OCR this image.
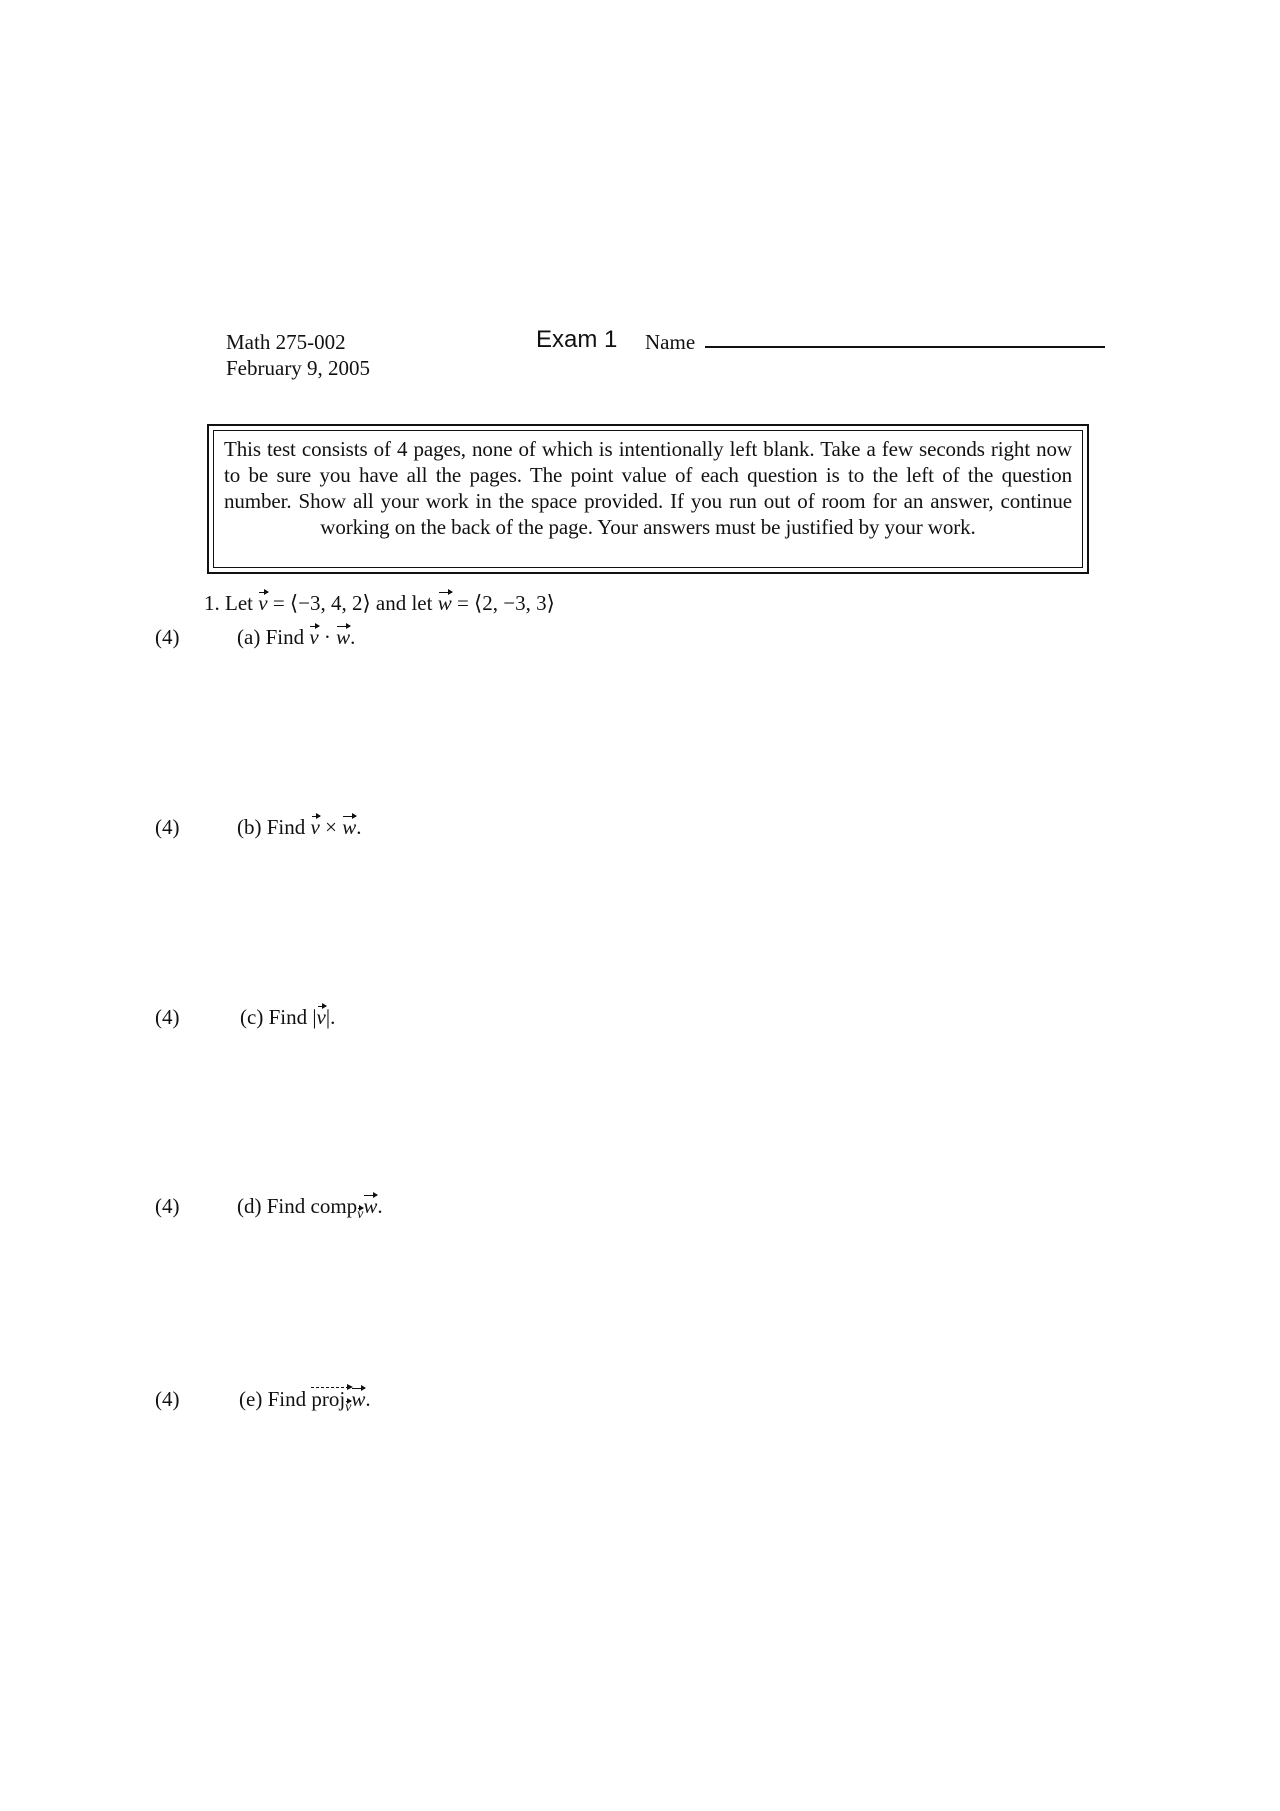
Math 275-002
February 9, 2005
Exam 1 Name

This test consists of 4 pages, none of which is intentionally left blank. Take a few seconds right now to be sure you have all the pages. The point value of each question is to the left of the question number. Show all your work in the space provided. If you run out of room for an answer, continue working on the back of the page. Your answers must be justified by your work.

1. Let v = ⟨−3, 4, 2⟩ and let w = ⟨2, −3, 3⟩
(4)	(a) Find v · w.
(4)	(b) Find v × w.
(4)	(c) Find |v|.
(4)	(d) Find comp$_v$w.
(4)	(e) Find proj$_v$w.
